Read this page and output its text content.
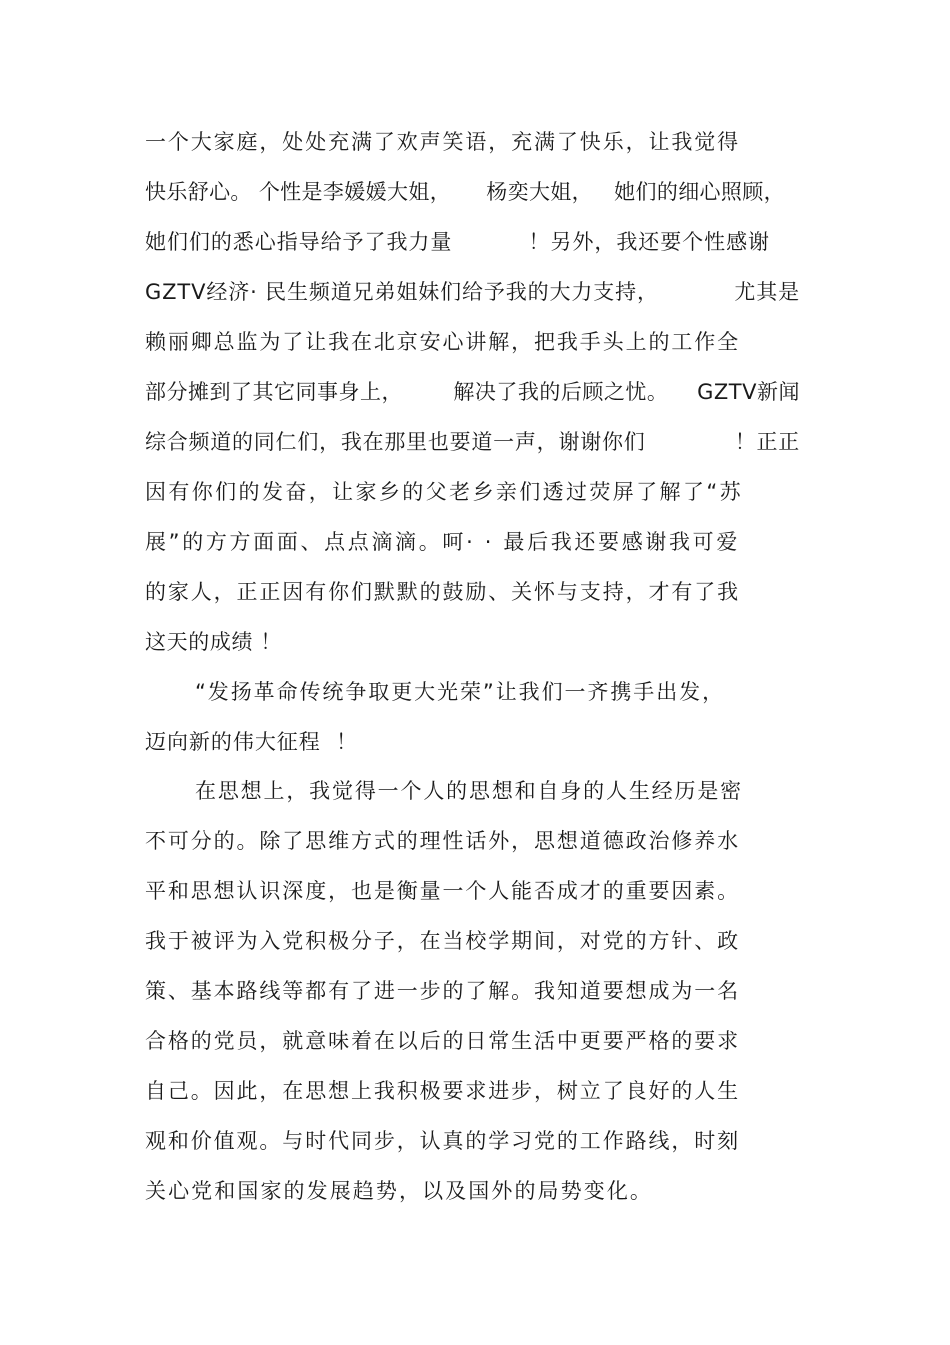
一个大家庭，处处充满了欢声笑语，充满了快乐，让我觉得
快乐舒心。 个性是李媛媛大姐，     杨奕大姐，   她们的细心照顾，
她们们的悉心指导给予了我力量          ！另外，我还要个性感谢
GZTV经济· 民生频道兄弟姐妹们给予我的大力支持，          尤其是
赖丽卿总监为了让我在北京安心讲解，把我手头上的工作全
部分摊到了其它同事身上，       解决了我的后顾之忧。    GZTV新闻
综合频道的同仁们，我在那里也要道一声，谢谢你们            ！正正
因有你们的发奋，让家乡的父老乡亲们透过荧屏了解了“苏
展”的方方面面、点点滴滴。呵· · 最后我还要感谢我可爱
的家人，正正因有你们默默的鼓励、关怀与支持，才有了我
这天的成绩 ！
“发扬革命传统争取更大光荣”让我们一齐携手出发，
迈向新的伟大征程  ！
在思想上，我觉得一个人的思想和自身的人生经历是密
不可分的。除了思维方式的理性话外，思想道德政治修养水
平和思想认识深度，也是衡量一个人能否成才的重要因素。
我于被评为入党积极分子，在当校学期间，对党的方针、政
策、基本路线等都有了进一步的了解。我知道要想成为一名
合格的党员，就意味着在以后的日常生活中更要严格的要求
自己。因此，在思想上我积极要求进步，树立了良好的人生
观和价值观。与时代同步，认真的学习党的工作路线，时刻
关心党和国家的发展趋势，以及国外的局势变化。
